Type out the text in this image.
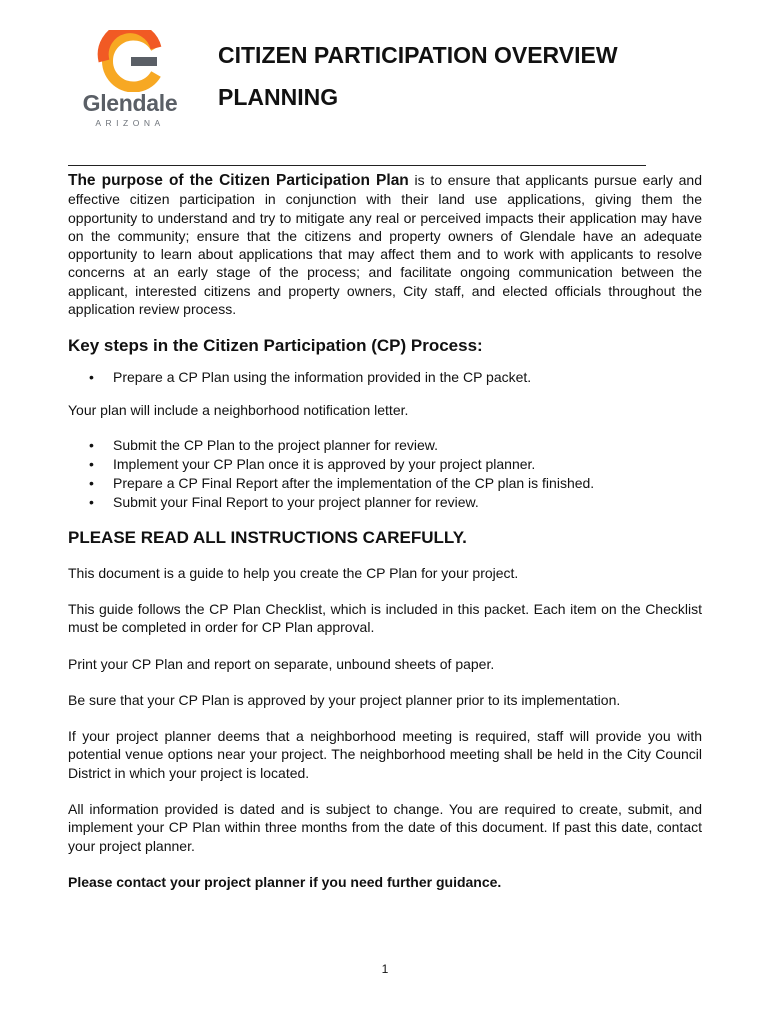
Glendale
ARIZONA
CITIZEN PARTICIPATION OVERVIEW
PLANNING

The purpose of the Citizen Participation Plan is to ensure that applicants pursue early and effective citizen participation in conjunction with their land use applications, giving them the opportunity to understand and try to mitigate any real or perceived impacts their application may have on the community; ensure that the citizens and property owners of Glendale have an adequate opportunity to learn about applications that may affect them and to work with applicants to resolve concerns at an early stage of the process; and facilitate ongoing communication between the applicant, interested citizens and property owners, City staff, and elected officials throughout the application review process.

Key steps in the Citizen Participation (CP) Process:
• Prepare a CP Plan using the information provided in the CP packet.

Your plan will include a neighborhood notification letter.

• Submit the CP Plan to the project planner for review.
• Implement your CP Plan once it is approved by your project planner.
• Prepare a CP Final Report after the implementation of the CP plan is finished.
• Submit your Final Report to your project planner for review.
PLEASE READ ALL INSTRUCTIONS CAREFULLY.

This document is a guide to help you create the CP Plan for your project.

This guide follows the CP Plan Checklist, which is included in this packet. Each item on the Checklist must be completed in order for CP Plan approval.

Print your CP Plan and report on separate, unbound sheets of paper.

Be sure that your CP Plan is approved by your project planner prior to its implementation.

If your project planner deems that a neighborhood meeting is required, staff will provide you with potential venue options near your project. The neighborhood meeting shall be held in the City Council District in which your project is located.

All information provided is dated and is subject to change. You are required to create, submit, and implement your CP Plan within three months from the date of this document. If past this date, contact your project planner.

Please contact your project planner if you need further guidance.

1
